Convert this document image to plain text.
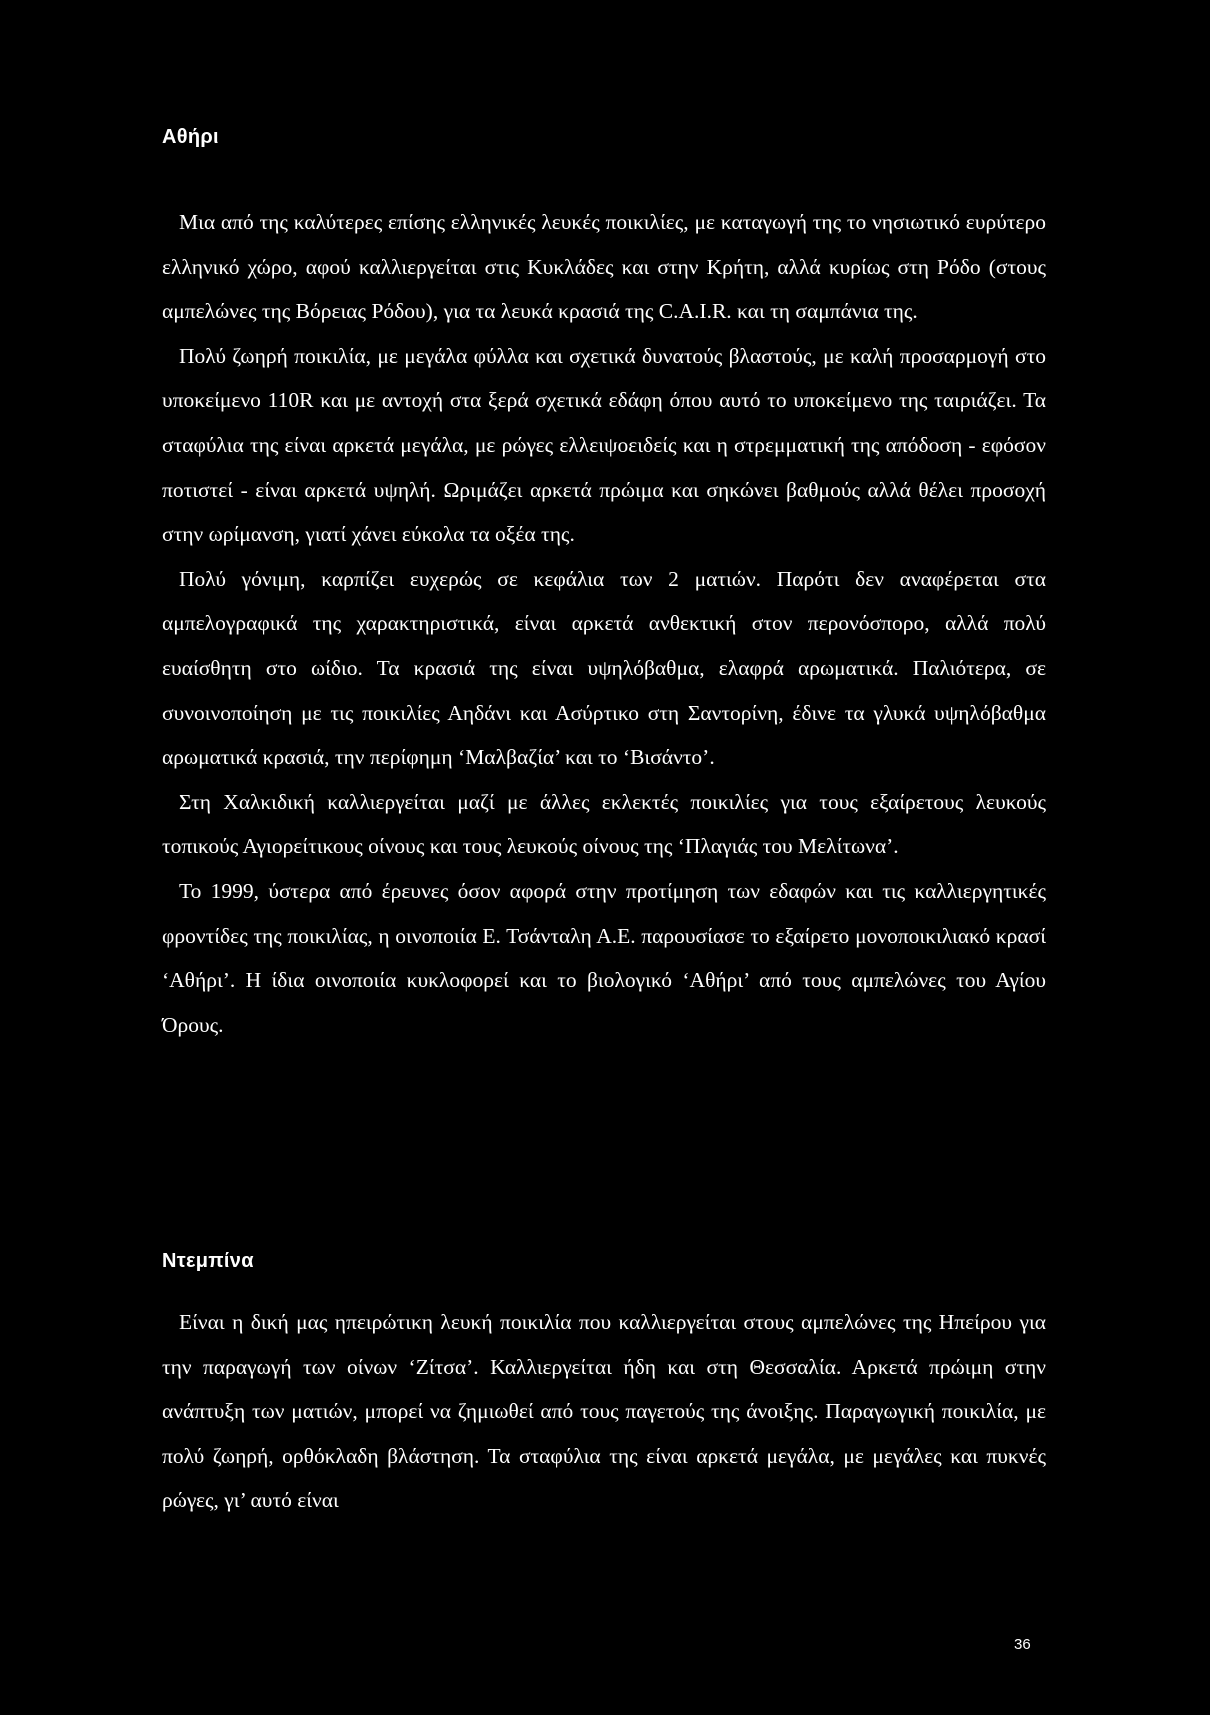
Αθήρι

Μια από της καλύτερες επίσης ελληνικές λευκές ποικιλίες, με καταγωγή της το νησιωτικό ευρύτερο ελληνικό χώρο, αφού καλλιεργείται στις Κυκλάδες και στην Κρήτη, αλλά κυρίως στη Ρόδο (στους αμπελώνες της Βόρειας Ρόδου), για τα λευκά κρασιά της C.A.I.R. και τη σαμπάνια της.

Πολύ ζωηρή ποικιλία, με μεγάλα φύλλα και σχετικά δυνατούς βλαστούς, με καλή προσαρμογή στο υποκείμενο 110R και με αντοχή στα ξερά σχετικά εδάφη όπου αυτό το υποκείμενο της ταιριάζει. Τα σταφύλια της είναι αρκετά μεγάλα, με ρώγες ελλειψοειδείς και η στρεμματική της απόδοση - εφόσον ποτιστεί - είναι αρκετά υψηλή. Ωριμάζει αρκετά πρώιμα και σηκώνει βαθμούς αλλά θέλει προσοχή στην ωρίμανση, γιατί χάνει εύκολα τα οξέα της.

Πολύ γόνιμη, καρπίζει ευχερώς σε κεφάλια των 2 ματιών. Παρότι δεν αναφέρεται στα αμπελογραφικά της χαρακτηριστικά, είναι αρκετά ανθεκτική στον περονόσπορο, αλλά πολύ ευαίσθητη στο ωίδιο. Τα κρασιά της είναι υψηλόβαθμα, ελαφρά αρωματικά. Παλιότερα, σε συνοινοποίηση με τις ποικιλίες Αηδάνι και Ασύρτικο στη Σαντορίνη, έδινε τα γλυκά υψηλόβαθμα αρωματικά κρασιά, την περίφημη ‘Μαλβαζία’ και το ‘Βισάντο’.

Στη Χαλκιδική καλλιεργείται μαζί με άλλες εκλεκτές ποικιλίες για τους εξαίρετους λευκούς τοπικούς Αγιορείτικους οίνους και τους λευκούς οίνους της ‘Πλαγιάς του Μελίτωνα’.

Το 1999, ύστερα από έρευνες όσον αφορά στην προτίμηση των εδαφών και τις καλλιεργητικές φροντίδες της ποικιλίας, η οινοποιία Ε. Τσάνταλη Α.Ε. παρουσίασε το εξαίρετο μονοποικιλιακό κρασί ‘Αθήρι’. Η ίδια οινοποιία κυκλοφορεί και το βιολογικό ‘Αθήρι’ από τους αμπελώνες του Αγίου Όρους.

Ντεμπίνα

Είναι η δική μας ηπειρώτικη λευκή ποικιλία που καλλιεργείται στους αμπελώνες της Ηπείρου για την παραγωγή των οίνων ‘Ζίτσα’. Καλλιεργείται ήδη και στη Θεσσαλία. Αρκετά πρώιμη στην ανάπτυξη των ματιών, μπορεί να ζημιωθεί από τους παγετούς της άνοιξης. Παραγωγική ποικιλία, με πολύ ζωηρή, ορθόκλαδη βλάστηση. Τα σταφύλια της είναι αρκετά μεγάλα, με μεγάλες και πυκνές ρώγες, γι’ αυτό είναι

36
